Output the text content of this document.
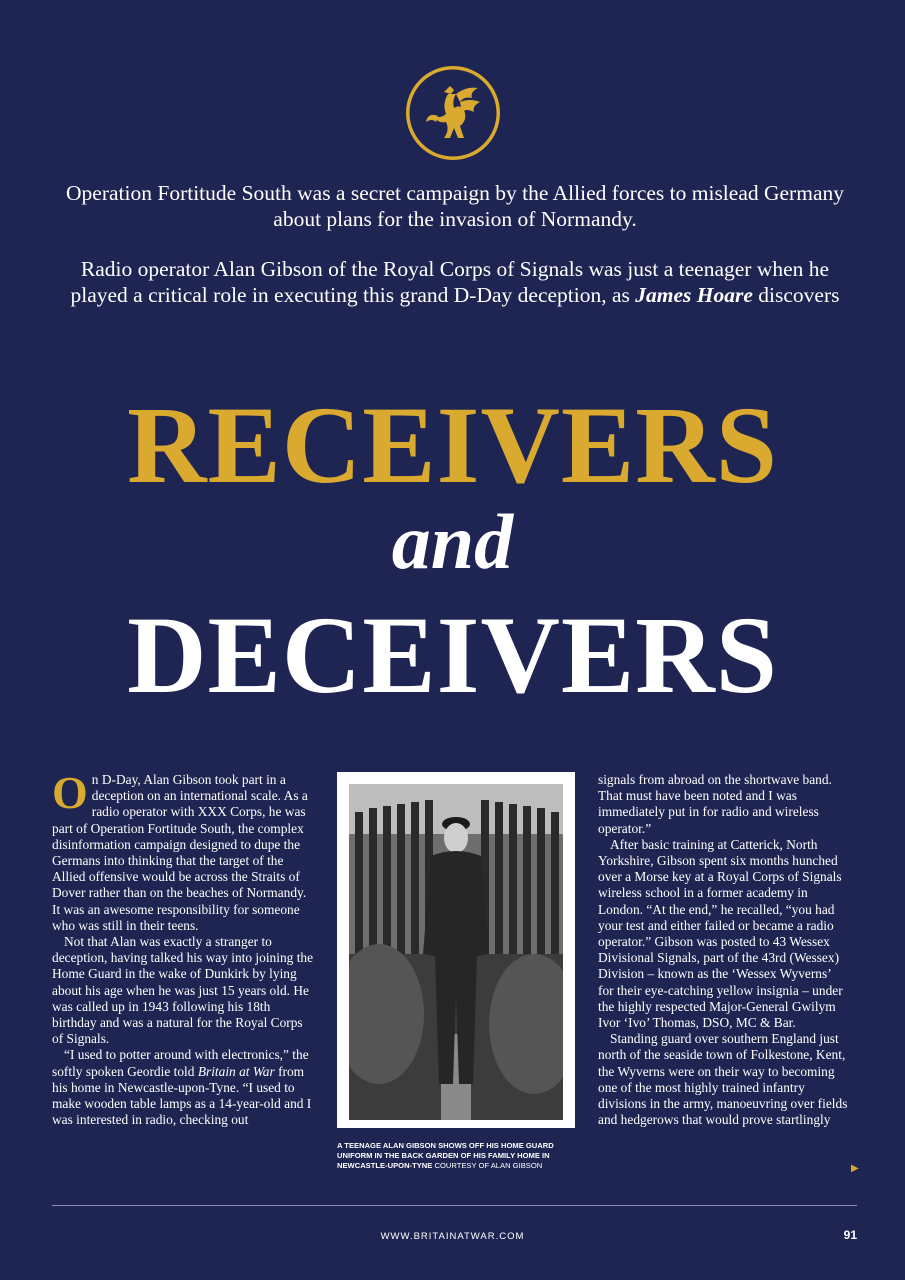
Operation Fortitude South was a secret campaign by the Allied forces to mislead Germany about plans for the invasion of Normandy.

Radio operator Alan Gibson of the Royal Corps of Signals was just a teenager when he played a critical role in executing this grand D-Day deception, as James Hoare discovers

RECEIVERS
and
DECEIVERS

On D-Day, Alan Gibson took part in a deception on an international scale. As a radio operator with XXX Corps, he was part of Operation Fortitude South, the complex disinformation campaign designed to dupe the Germans into thinking that the target of the Allied offensive would be across the Straits of Dover rather than on the beaches of Normandy. It was an awesome responsibility for someone who was still in their teens.

Not that Alan was exactly a stranger to deception, having talked his way into joining the Home Guard in the wake of Dunkirk by lying about his age when he was just 15 years old. He was called up in 1943 following his 18th birthday and was a natural for the Royal Corps of Signals.

“I used to potter around with electronics,” the softly spoken Geordie told Britain at War from his home in Newcastle-upon-Tyne. “I used to make wooden table lamps as a 14-year-old and I was interested in radio, checking out

A TEENAGE ALAN GIBSON SHOWS OFF HIS HOME GUARD UNIFORM IN THE BACK GARDEN OF HIS FAMILY HOME IN NEWCASTLE-UPON-TYNE COURTESY OF ALAN GIBSON

signals from abroad on the shortwave band. That must have been noted and I was immediately put in for radio and wireless operator.”

After basic training at Catterick, North Yorkshire, Gibson spent six months hunched over a Morse key at a Royal Corps of Signals wireless school in a former academy in London. “At the end,” he recalled, “you had your test and either failed or became a radio operator.” Gibson was posted to 43 Wessex Divisional Signals, part of the 43rd (Wessex) Division – known as the ‘Wessex Wyverns’ for their eye-catching yellow insignia – under the highly respected Major-General Gwilym Ivor ‘Ivo’ Thomas, DSO, MC & Bar.

Standing guard over southern England just north of the seaside town of Folkestone, Kent, the Wyverns were on their way to becoming one of the most highly trained infantry divisions in the army, manoeuvring over fields and hedgerows that would prove startlingly

▶
WWW.BRITAINATWAR.COM	91
